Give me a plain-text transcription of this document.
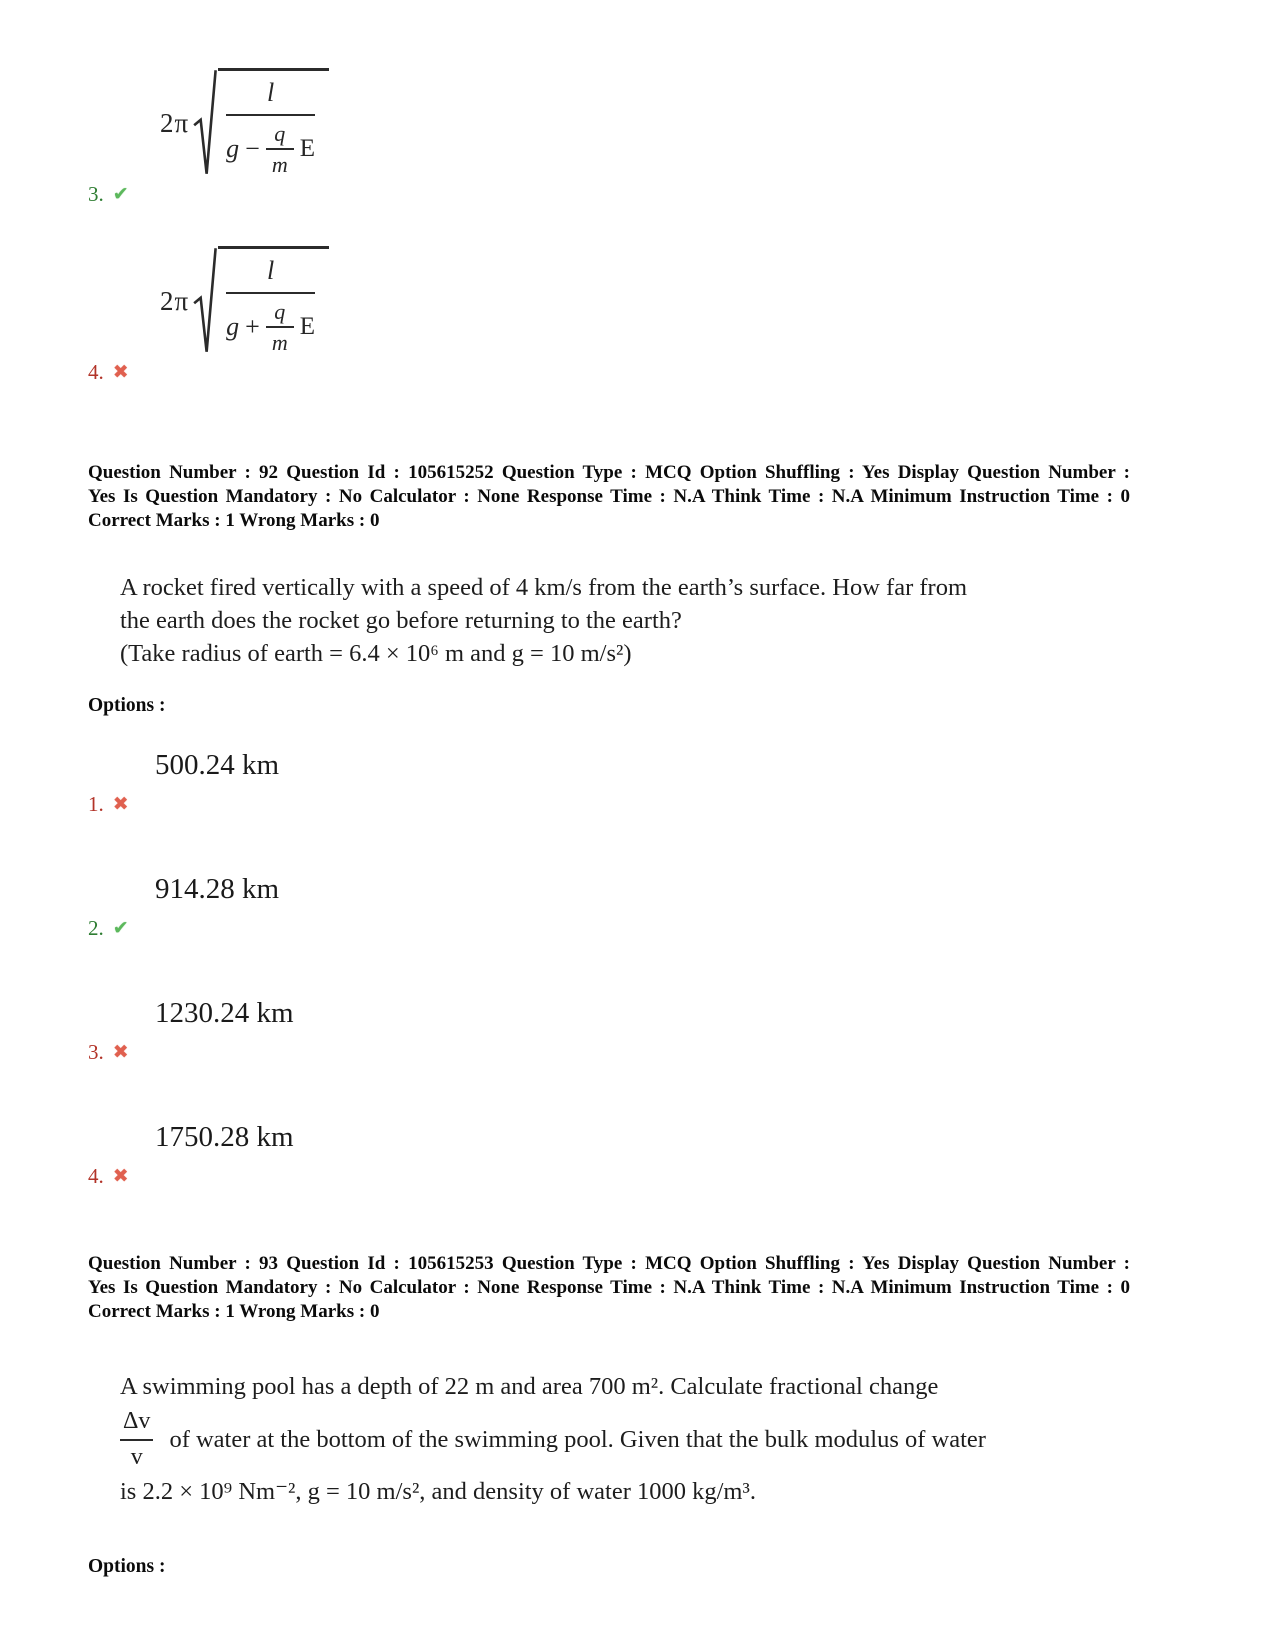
2π
l
$g - \frac{q}{m}$ E
3. ✔
2π
l
$g + \frac{q}{m}$ E
4. ✖
Question Number : 92 Question Id : 105615252 Question Type : MCQ Option Shuffling : Yes Display Question Number :
Yes Is Question Mandatory : No Calculator : None Response Time : N.A Think Time : N.A Minimum Instruction Time : 0
Correct Marks : 1 Wrong Marks : 0
A rocket fired vertically with a speed of 4 km/s from the earth’s surface. How far from
the earth does the rocket go before returning to the earth?
(Take radius of earth = 6.4 × 10⁶ m and g = 10 m/s²)
Options :
500.24 km
1. ✖
914.28 km
2. ✔
1230.24 km
3. ✖
1750.28 km
4. ✖
Question Number : 93 Question Id : 105615253 Question Type : MCQ Option Shuffling : Yes Display Question Number :
Yes Is Question Mandatory : No Calculator : None Response Time : N.A Think Time : N.A Minimum Instruction Time : 0
Correct Marks : 1 Wrong Marks : 0
A swimming pool has a depth of 22 m and area 700 m². Calculate fractional change
$\frac{\Delta v}{v}$ of water at the bottom of the swimming pool. Given that the bulk modulus of water
is 2.2 × 10⁹ Nm⁻², g = 10 m/s², and density of water 1000 kg/m³.
Options :
